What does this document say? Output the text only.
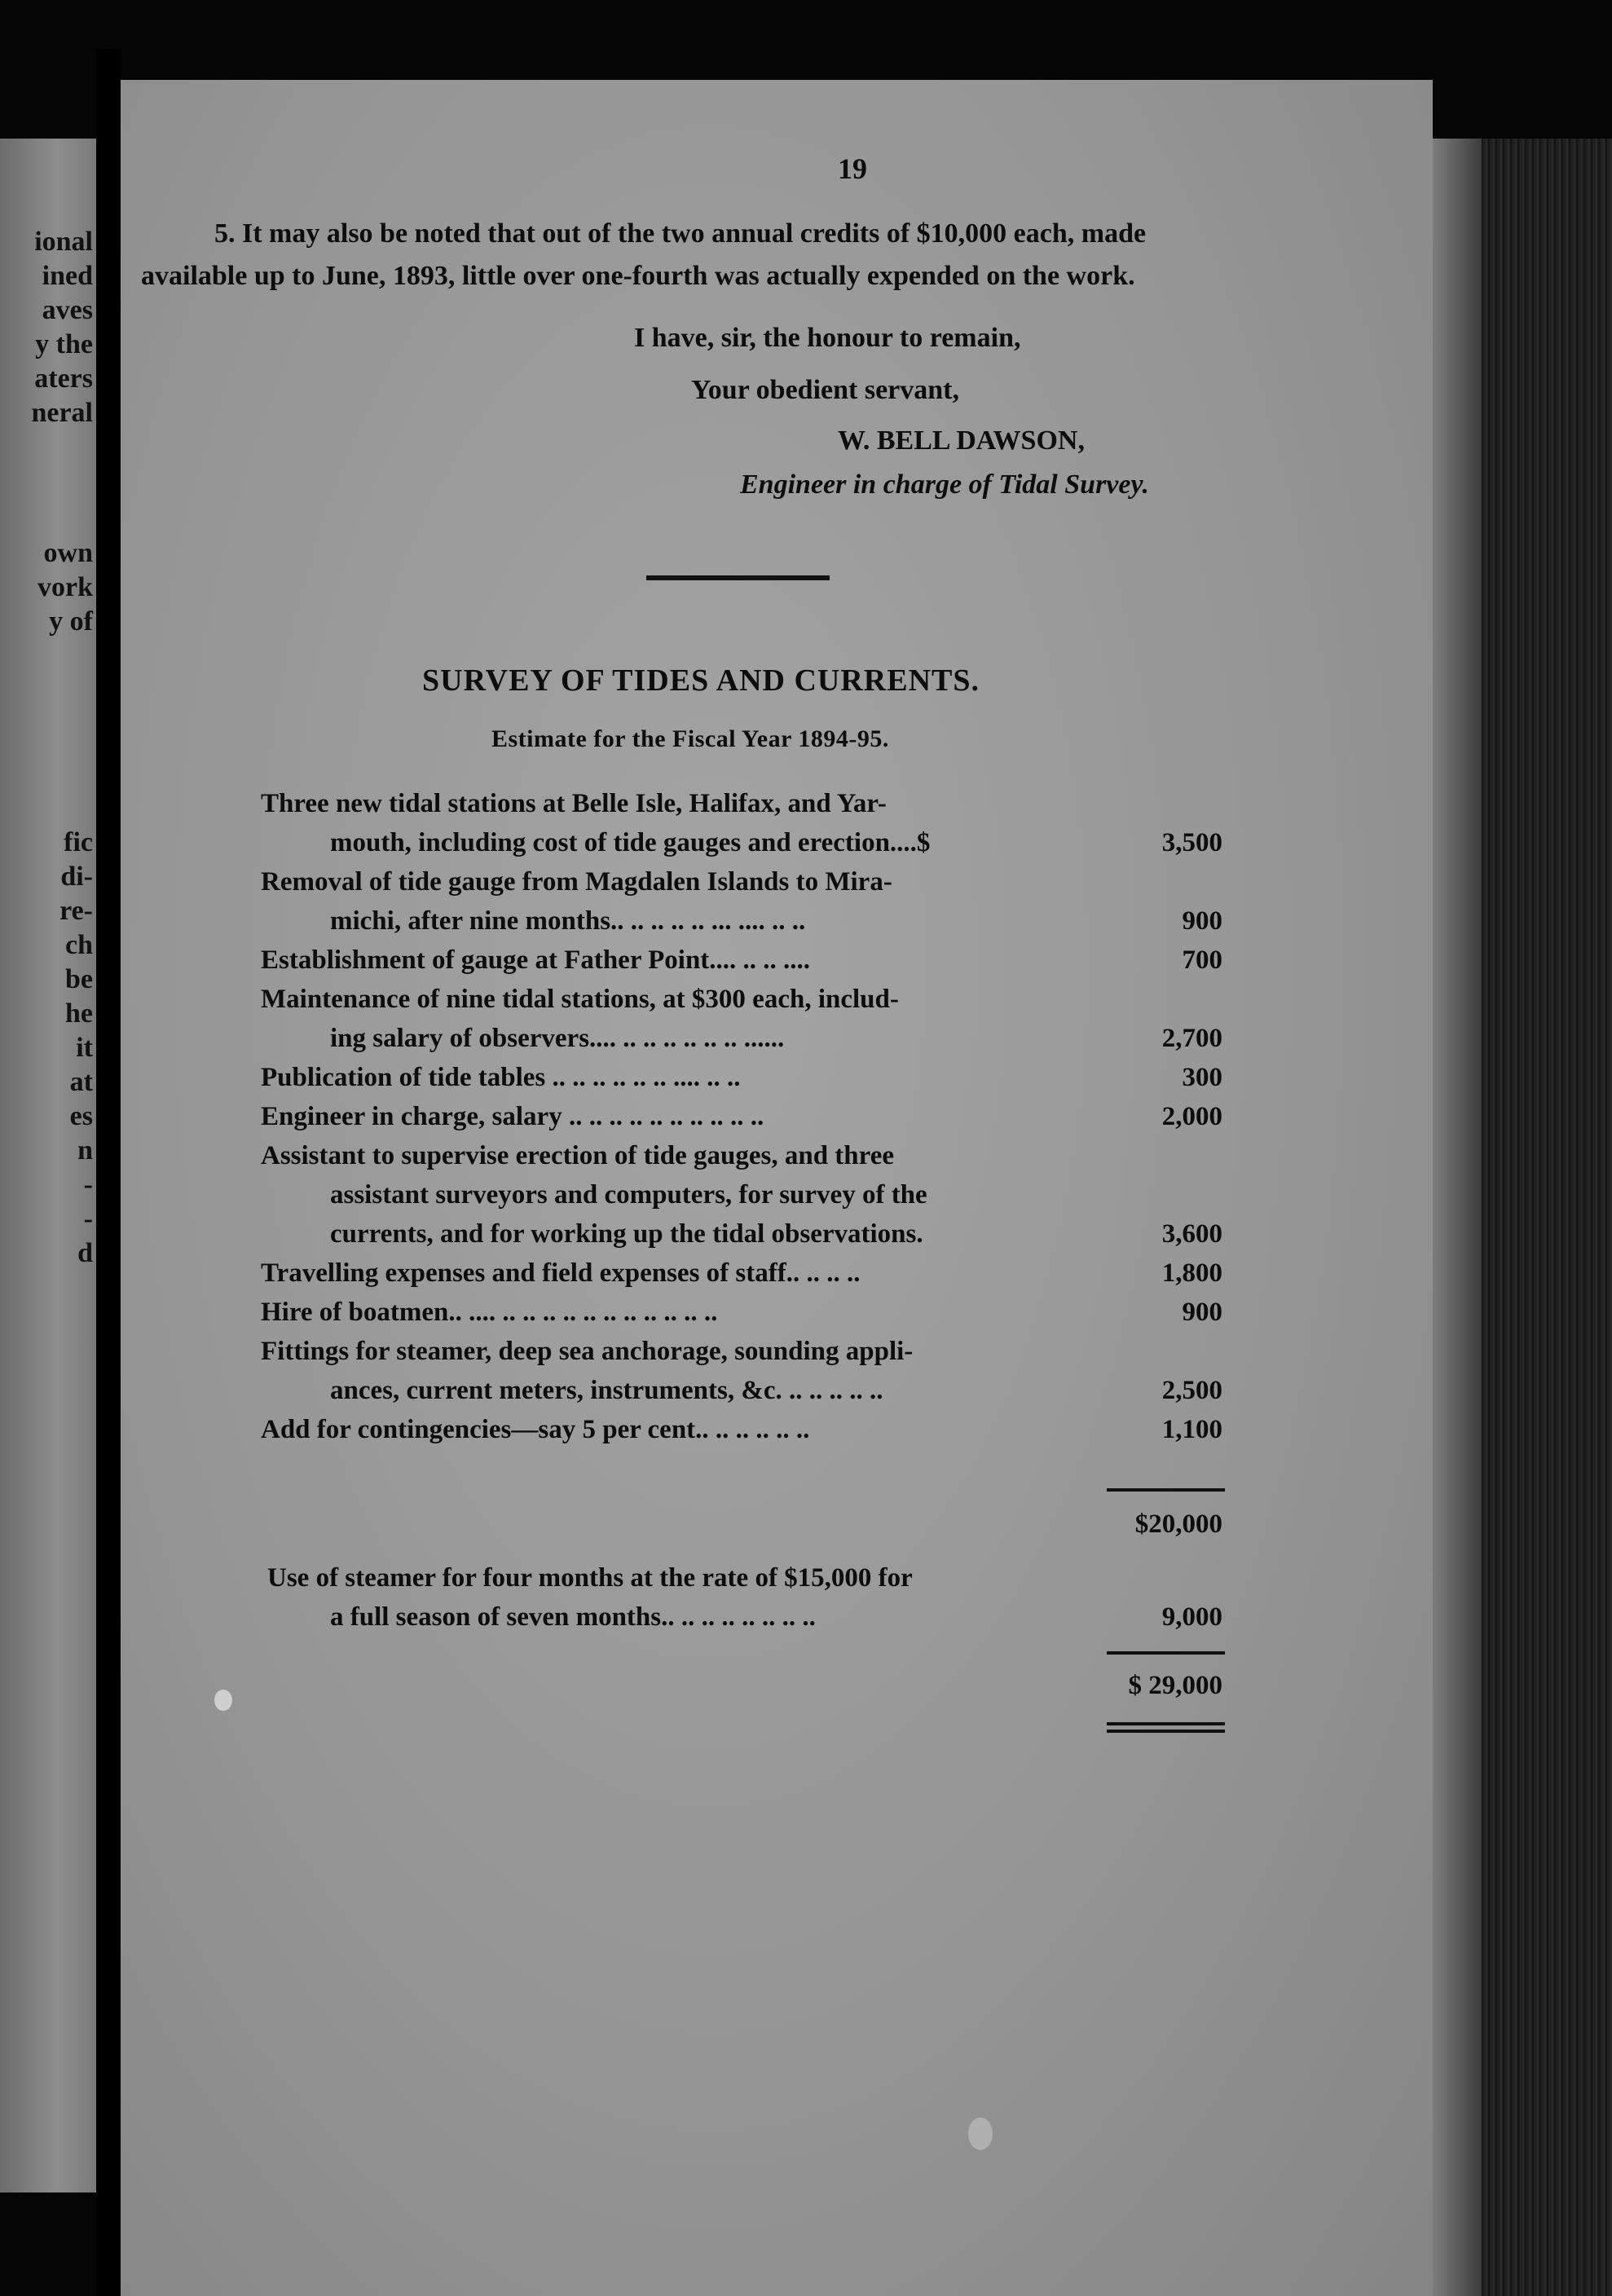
ional
ined
aves
y the
aters
neral
own
vork
y of
fic
di-
re-
ch
be
he
it
at
es
n
-
-
d
19
5. It may also be noted that out of the two annual credits of $10,000 each, made
available up to June, 1893, little over one-fourth was actually expended on the work.
I have, sir, the honour to remain,
Your obedient servant,
W. BELL DAWSON,
Engineer in charge of Tidal Survey.
SURVEY OF TIDES AND CURRENTS.
Estimate for the Fiscal Year 1894-95.
Three new tidal stations at Belle Isle, Halifax, and Yar-
mouth, including cost of tide gauges and erection....$	3,500
Removal of tide gauge from Magdalen Islands to Mira-
michi, after nine months.. .. .. .. .. ... .... .. ..	900
Establishment of gauge at Father Point.... .. .. ....	700
Maintenance of nine tidal stations, at $300 each, includ-
ing salary of observers.... .. .. .. .. .. .. ......	2,700
Publication of tide tables .. .. .. .. .. .. .... .. ..	300
Engineer in charge, salary .. .. .. .. .. .. .. .. .. ..	2,000
Assistant to supervise erection of tide gauges, and three
assistant surveyors and computers, for survey of the
currents, and for working up the tidal observations.	3,600
Travelling expenses and field expenses of staff.. .. .. ..	1,800
Hire of boatmen.. .... .. .. .. .. .. .. .. .. .. .. ..	900
Fittings for steamer, deep sea anchorage, sounding appli-
ances, current meters, instruments, &c. .. .. .. .. ..	2,500
Add for contingencies—say 5 per cent.. .. .. .. .. ..	1,100
$20,000
Use of steamer for four months at the rate of $15,000 for
a full season of seven months.. .. .. .. .. .. .. ..	9,000
$ 29,000
